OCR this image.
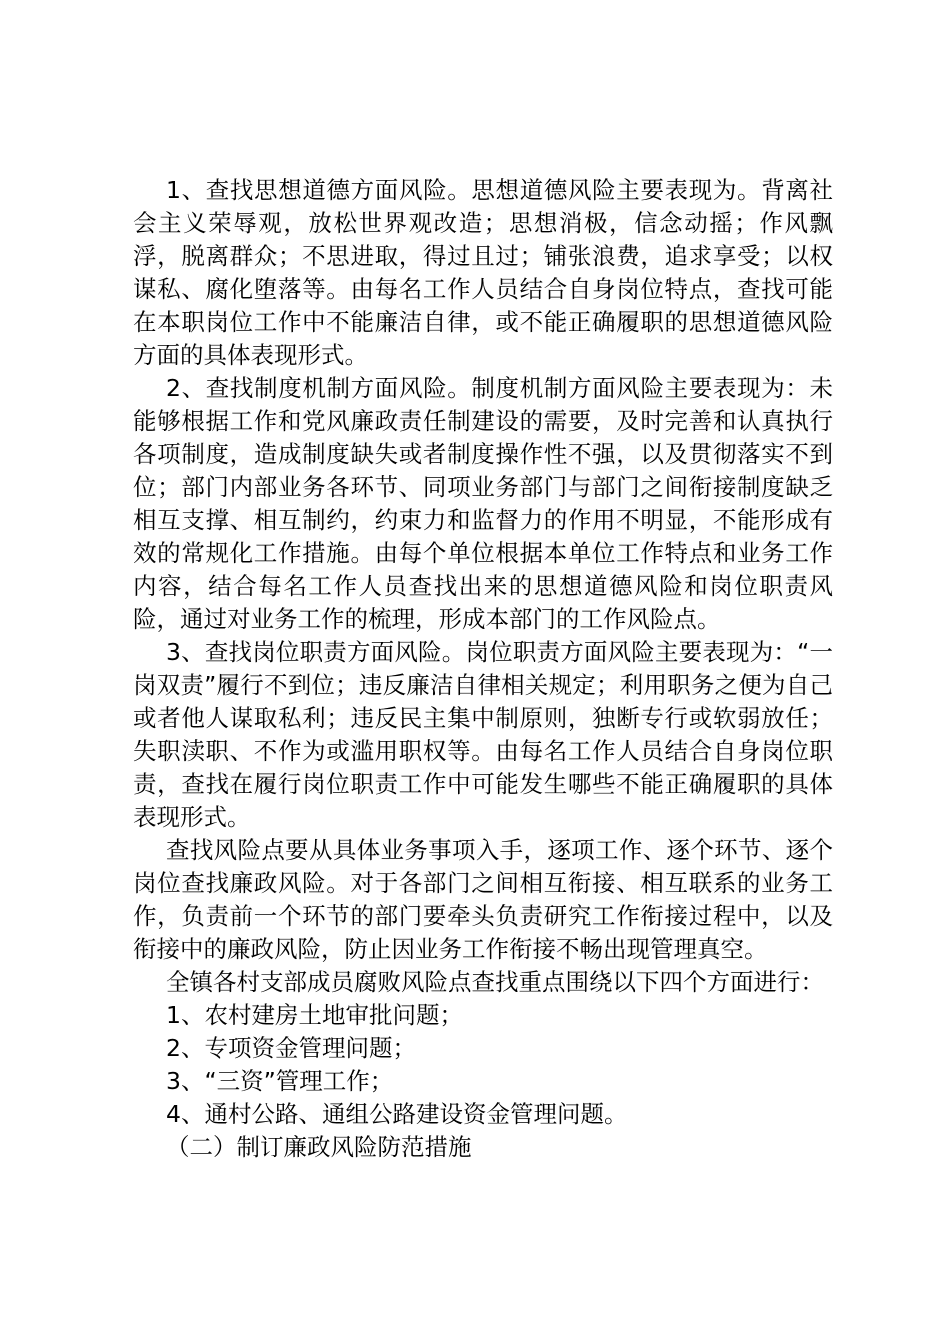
1、查找思想道德方面风险。思想道德风险主要表现为。背离社会主义荣辱观，放松世界观改造；思想消极，信念动摇；作风飘浮，脱离群众；不思进取，得过且过；铺张浪费，追求享受；以权谋私、腐化堕落等。由每名工作人员结合自身岗位特点，查找可能在本职岗位工作中不能廉洁自律，或不能正确履职的思想道德风险方面的具体表现形式。

2、查找制度机制方面风险。制度机制方面风险主要表现为：未能够根据工作和党风廉政责任制建设的需要，及时完善和认真执行各项制度，造成制度缺失或者制度操作性不强，以及贯彻落实不到位；部门内部业务各环节、同项业务部门与部门之间衔接制度缺乏相互支撑、相互制约，约束力和监督力的作用不明显，不能形成有效的常规化工作措施。由每个单位根据本单位工作特点和业务工作内容，结合每名工作人员查找出来的思想道德风险和岗位职责风险，通过对业务工作的梳理，形成本部门的工作风险点。

3、查找岗位职责方面风险。岗位职责方面风险主要表现为：“一岗双责”履行不到位；违反廉洁自律相关规定；利用职务之便为自己或者他人谋取私利；违反民主集中制原则，独断专行或软弱放任；失职渎职、不作为或滥用职权等。由每名工作人员结合自身岗位职责，查找在履行岗位职责工作中可能发生哪些不能正确履职的具体表现形式。

查找风险点要从具体业务事项入手，逐项工作、逐个环节、逐个岗位查找廉政风险。对于各部门之间相互衔接、相互联系的业务工作，负责前一个环节的部门要牵头负责研究工作衔接过程中，以及衔接中的廉政风险，防止因业务工作衔接不畅出现管理真空。

全镇各村支部成员腐败风险点查找重点围绕以下四个方面进行：

1、农村建房土地审批问题；

2、专项资金管理问题；

3、“三资”管理工作；

4、通村公路、通组公路建设资金管理问题。

（二）制订廉政风险防范措施
